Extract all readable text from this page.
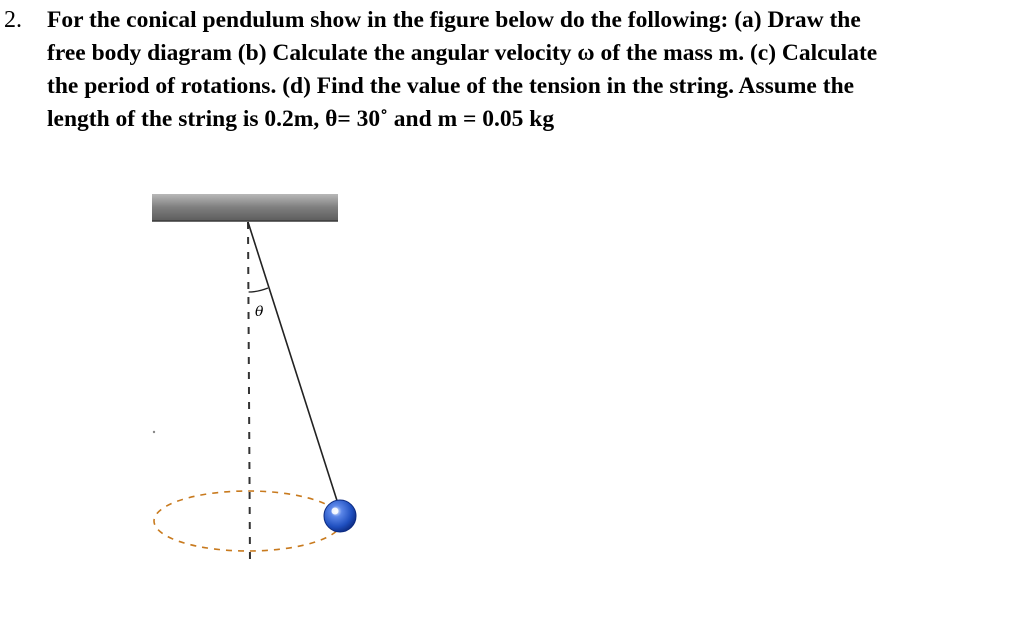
2. For the conical pendulum show in the figure below do the following: (a) Draw the
free body diagram (b) Calculate the angular velocity ω of the mass m. (c) Calculate
the period of rotations. (d) Find the value of the tension in the string. Assume the
length of the string is 0.2m, θ= 30˚ and m = 0.05 kg
θ
